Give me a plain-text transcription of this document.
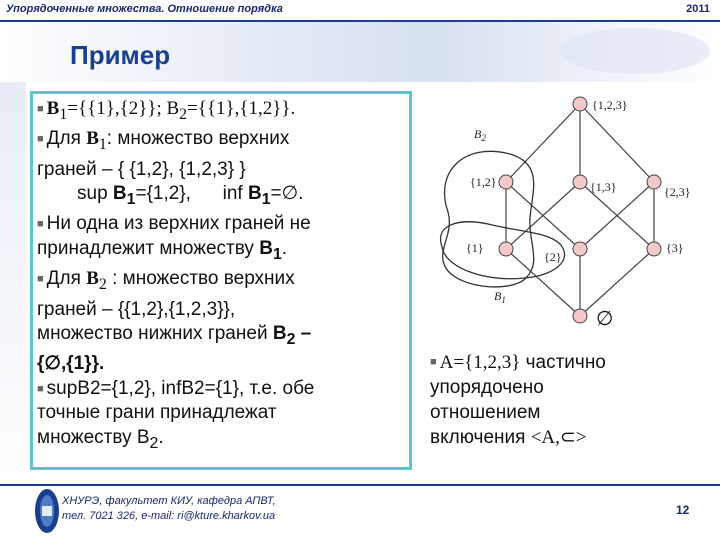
Упорядоченные множества. Отношение порядка	2011
Пример
■ $B_1=\{\{1\},\{2\}\}$; $B_2=\{\{1\},\{1,2\}\}$.
■ Для $B_1$: множество верхних
граней – { {1,2}, {1,2,3} }
sup $B_1=\{1,2\}$,      inf $B_1=\emptyset$.
■ Ни одна из верхних граней не
принадлежит множеству $B_1$.
■ Для $B_2$ : множество верхних
граней – {{1,2},{1,2,3}},
множество нижних граней $B_2$ –
{∅,{1}}.
■ supB2={1,2}, infB2={1}, т.е. обе
точные грани принадлежат
множеству $B_2$.
{1,2,3}
{1,2}	{1,3}	{2,3}
{1}
{2}
{3}
$B_2$
$B_1$
∅
■ A={1,2,3} частично
упорядочено
отношением
включения <A,⊂>
ХНУРЭ, факультет КИУ, кафедра АПВТ,
тел. 7021 326, e-mail: ri@kture.kharkov.ua	12
